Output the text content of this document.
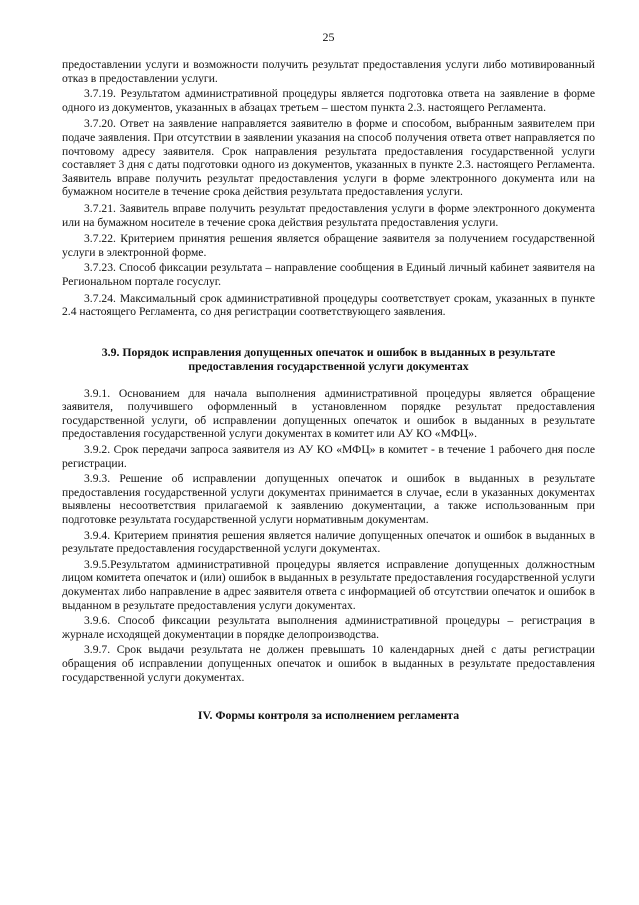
25

предоставлении услуги и возможности получить результат предоставления услуги либо мотивированный отказ в предоставлении услуги.

3.7.19. Результатом административной процедуры является подготовка ответа на заявление в форме одного из документов, указанных в абзацах третьем – шестом пункта 2.3. настоящего Регламента.

3.7.20. Ответ на заявление направляется заявителю в форме и способом, выбранным заявителем при подаче заявления. При отсутствии в заявлении указания на способ получения ответа ответ направляется по почтовому адресу заявителя. Срок направления результата предоставления государственной услуги составляет 3 дня с даты подготовки одного из документов, указанных в пункте 2.3. настоящего Регламента. Заявитель вправе получить результат предоставления услуги в форме электронного документа или на бумажном носителе в течение срока действия результата предоставления услуги.

3.7.21. Заявитель вправе получить результат предоставления услуги в форме электронного документа или на бумажном носителе в течение срока действия результата предоставления услуги.

3.7.22. Критерием принятия решения является обращение заявителя за получением государственной услуги в электронной форме.

3.7.23. Способ фиксации результата – направление сообщения в Единый личный кабинет заявителя на Региональном портале госуслуг.

3.7.24. Максимальный срок административной процедуры соответствует срокам, указанных в пункте 2.4 настоящего Регламента, со дня регистрации соответствующего заявления.

3.9. Порядок исправления допущенных опечаток и ошибок в выданных в результате предоставления государственной услуги документах

3.9.1. Основанием для начала выполнения административной процедуры является обращение заявителя, получившего оформленный в установленном порядке результат предоставления государственной услуги, об исправлении допущенных опечаток и ошибок в выданных в результате предоставления государственной услуги документах в комитет или АУ КО «МФЦ».

3.9.2. Срок передачи запроса заявителя из АУ КО «МФЦ» в комитет - в течение 1 рабочего дня после регистрации.

3.9.3. Решение об исправлении допущенных опечаток и ошибок в выданных в результате предоставления государственной услуги документах принимается в случае, если в указанных документах выявлены несоответствия прилагаемой к заявлению документации, а также использованным при подготовке результата государственной услуги нормативным документам.

3.9.4. Критерием принятия решения является наличие допущенных опечаток и ошибок в выданных в результате предоставления государственной услуги документах.

3.9.5.Результатом административной процедуры является исправление допущенных должностным лицом комитета опечаток и (или) ошибок в выданных в результате предоставления государственной услуги документах либо направление в адрес заявителя ответа с информацией об отсутствии опечаток и ошибок в выданном в результате предоставления услуги документах.

3.9.6. Способ фиксации результата выполнения административной процедуры – регистрация в журнале исходящей документации в порядке делопроизводства.

3.9.7. Срок выдачи результата не должен превышать 10 календарных дней с даты регистрации обращения об исправлении допущенных опечаток и ошибок в выданных в результате предоставления государственной услуги документах.

IV. Формы контроля за исполнением регламента
